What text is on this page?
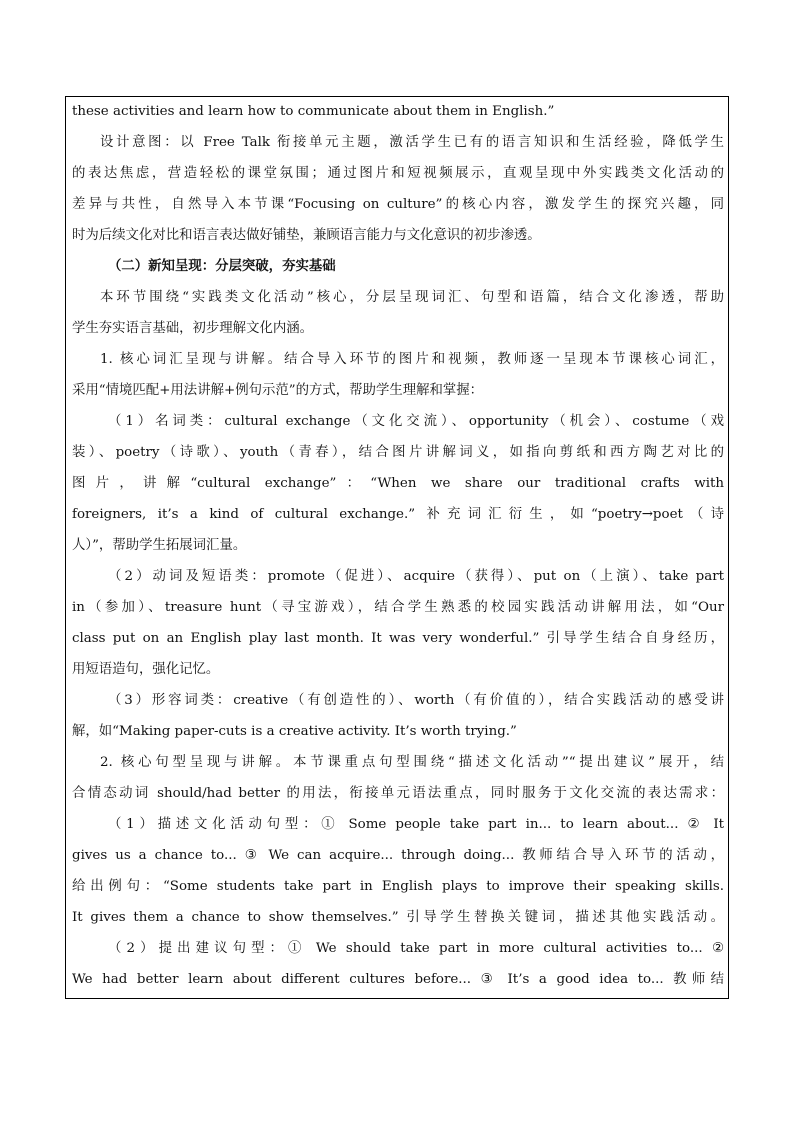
these activities and learn how to communicate about them in English.”
设计意图：以 Free Talk 衔接单元主题，激活学生已有的语言知识和生活经验，降低学生
的表达焦虑，营造轻松的课堂氛围；通过图片和短视频展示，直观呈现中外实践类文化活动的
差异与共性，自然导入本节课“Focusing on culture”的核心内容，激发学生的探究兴趣，同
时为后续文化对比和语言表达做好铺垫，兼顾语言能力与文化意识的初步渗透。
（二）新知呈现：分层突破，夯实基础
本环节围绕“实践类文化活动”核心，分层呈现词汇、句型和语篇，结合文化渗透，帮助
学生夯实语言基础，初步理解文化内涵。
1. 核心词汇呈现与讲解。结合导入环节的图片和视频，教师逐一呈现本节课核心词汇，
采用“情境匹配+用法讲解+例句示范”的方式，帮助学生理解和掌握：
（1）名词类：cultural exchange（文化交流）、opportunity（机会）、costume（戏
装）、poetry（诗歌）、youth（青春），结合图片讲解词义，如指向剪纸和西方陶艺对比的
图片，讲解“cultural exchange”：“When we share our traditional crafts with
foreigners, it’s a kind of cultural exchange.” 补充词汇衍生，如“poetry→poet（诗
人）”，帮助学生拓展词汇量。
（2）动词及短语类：promote（促进）、acquire（获得）、put on（上演）、take part
in（参加）、treasure hunt（寻宝游戏），结合学生熟悉的校园实践活动讲解用法，如“Our
class put on an English play last month. It was very wonderful.” 引导学生结合自身经历，
用短语造句，强化记忆。
（3）形容词类：creative（有创造性的）、worth（有价值的），结合实践活动的感受讲
解，如“Making paper-cuts is a creative activity. It’s worth trying.”
2. 核心句型呈现与讲解。本节课重点句型围绕“描述文化活动”“提出建议”展开，结
合情态动词 should/had better 的用法，衔接单元语法重点，同时服务于文化交流的表达需求：
（1）描述文化活动句型：① Some people take part in... to learn about... ② It
gives us a chance to... ③ We can acquire... through doing... 教师结合导入环节的活动，
给出例句：“Some students take part in English plays to improve their speaking skills.
It gives them a chance to show themselves.” 引导学生替换关键词，描述其他实践活动。
（2）提出建议句型：① We should take part in more cultural activities to... ②
We had better learn about different cultures before... ③ It’s a good idea to... 教师结
